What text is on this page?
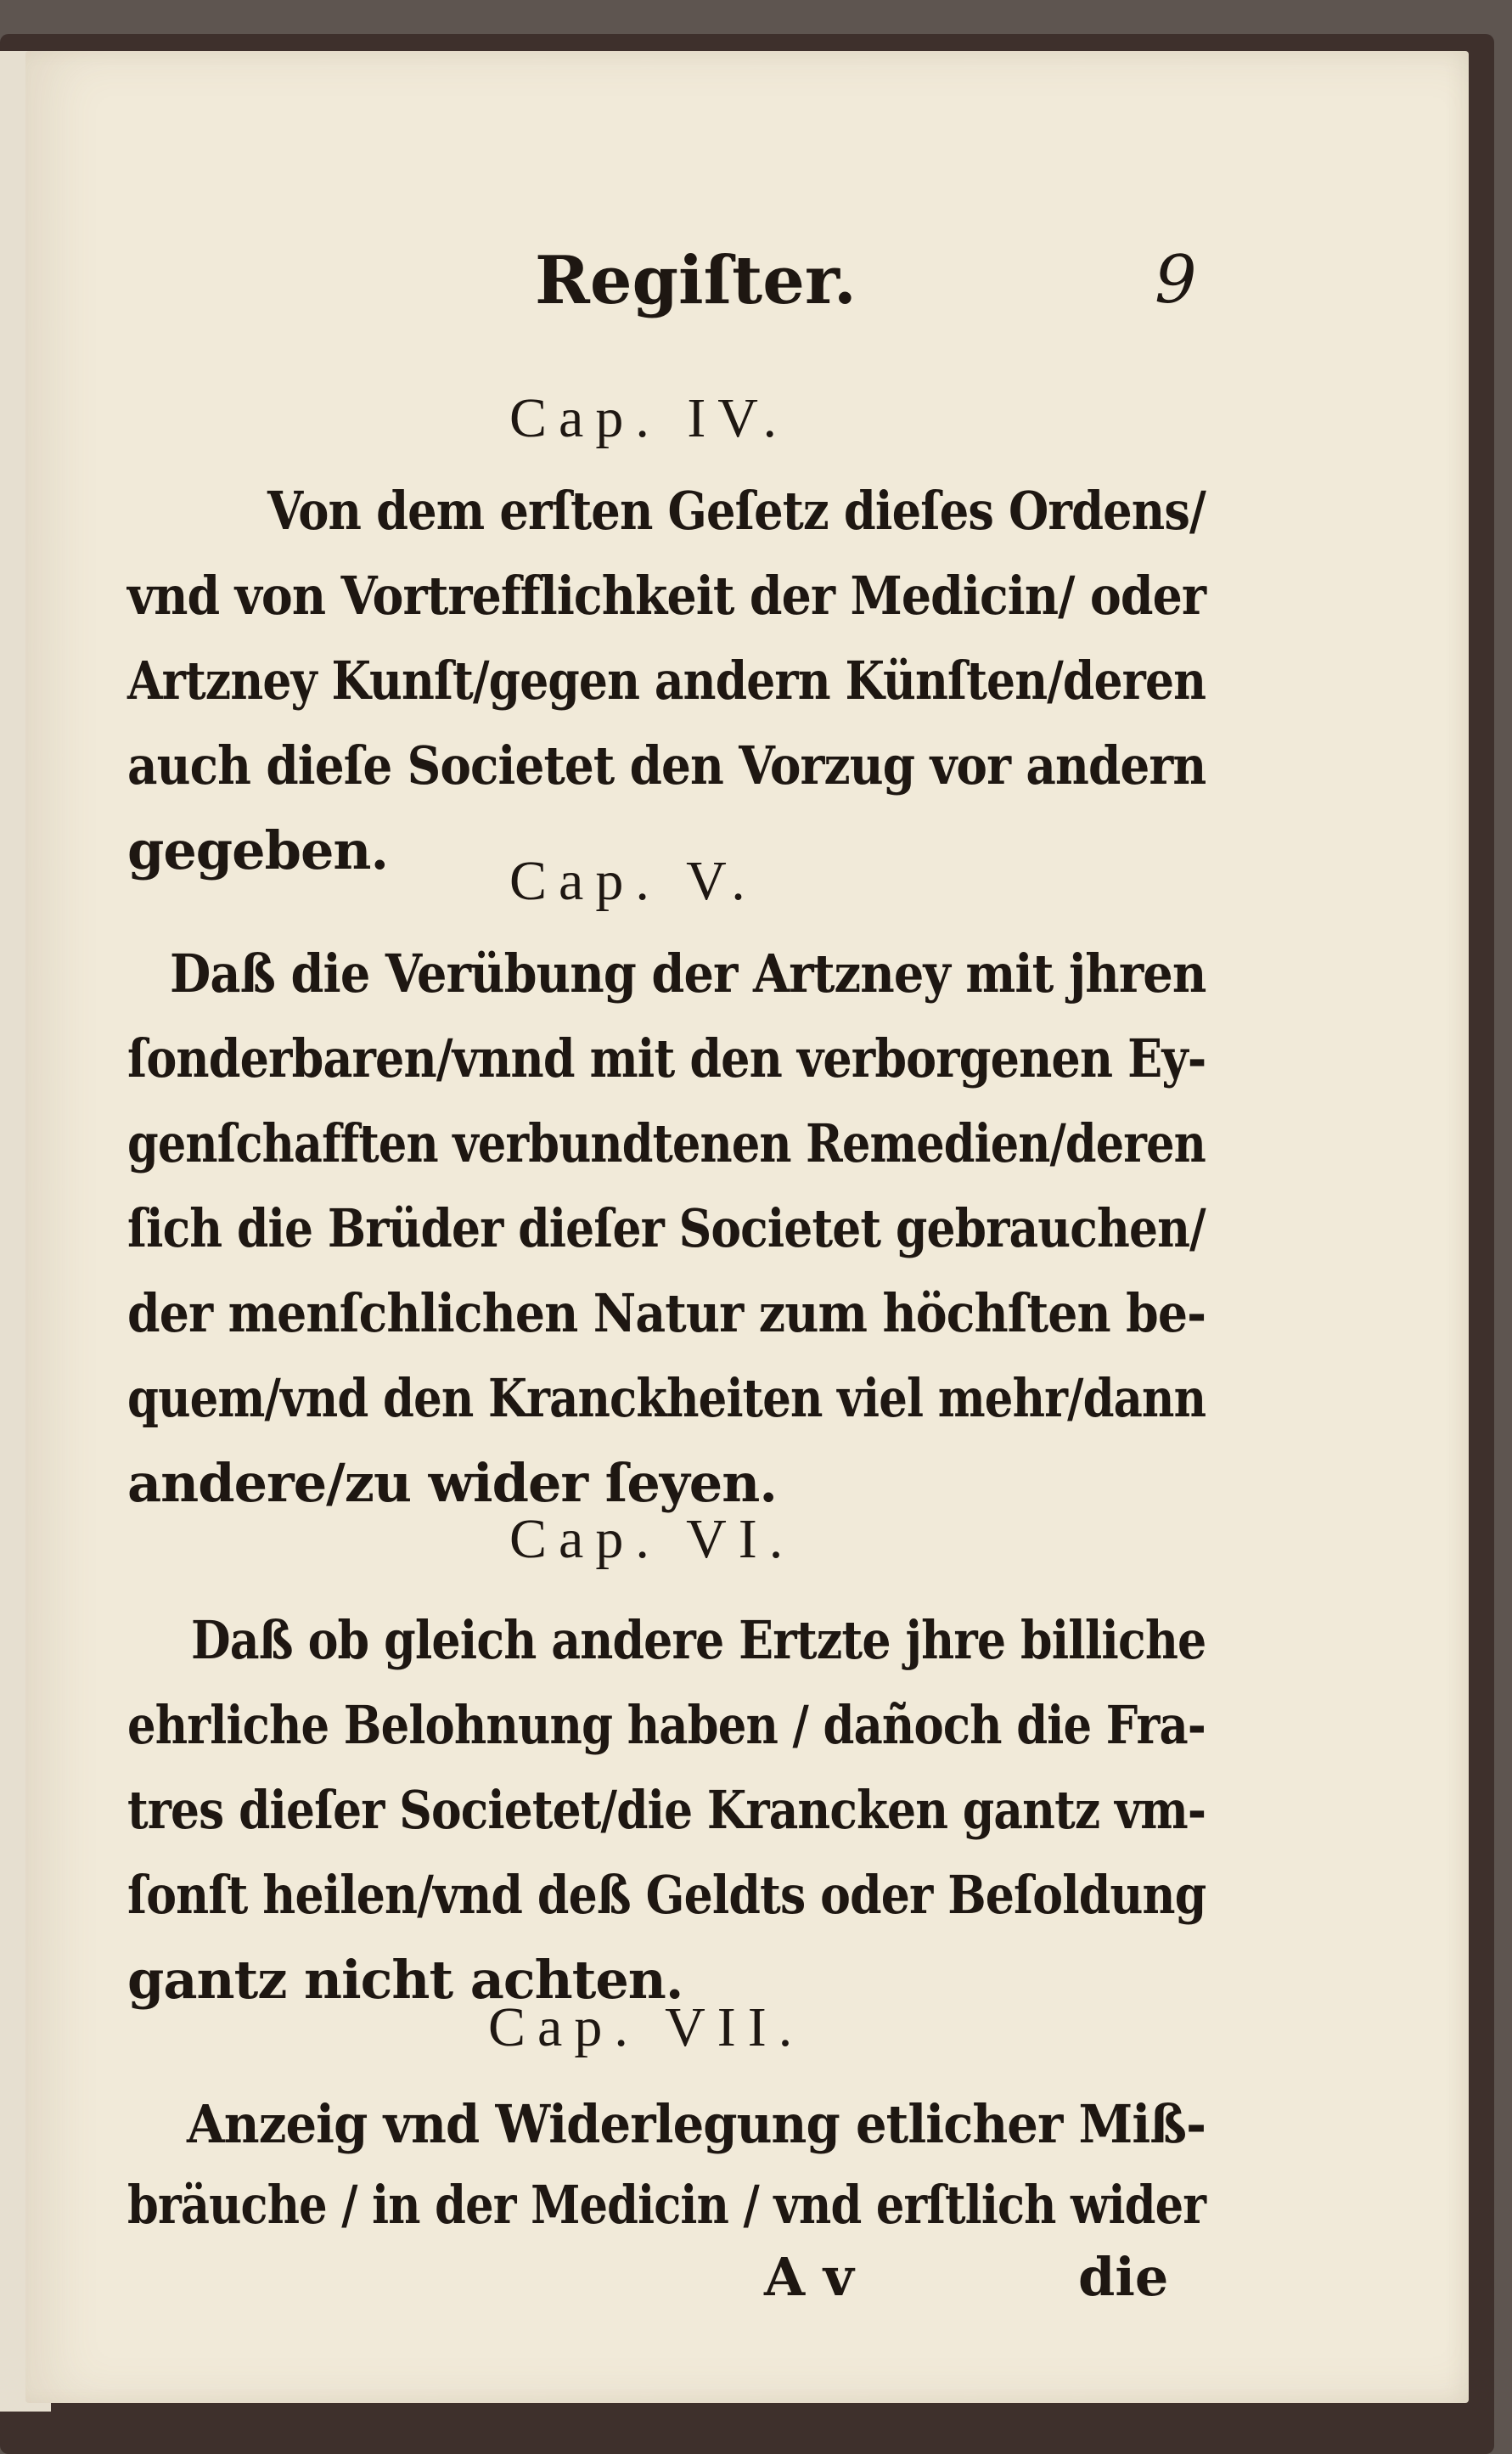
Regiſter.	9
Cap. IV.
Von dem erſten Geſetz dieſes Ordens/
vnd von Vortrefflichkeit der Medicin/ oder
Artzney Kunſt/gegen andern Künſten/deren
auch dieſe Societet den Vorzug vor andern
gegeben. Cap. V.
Daß die Verübung der Artzney mit jhren
ſonderbaren/vnnd mit den verborgenen Ey-
genſchafften verbundtenen Remedien/deren
ſich die Brüder dieſer Societet gebrauchen/
der menſchlichen Natur zum höchſten be-
quem/vnd den Kranckheiten viel mehr/dann
andere/zu wider ſeyen.
Cap. VI.
Daß ob gleich andere Ertzte jhre billiche
ehrliche Belohnung haben / dañoch die Fra-
tres dieſer Societet/die Krancken gantz vm-
ſonſt heilen/vnd deß Geldts oder Beſoldung
gantz nicht achten.
Cap. VII.
Anzeig vnd Widerlegung etlicher Miß-
bräuche / in der Medicin / vnd erſtlich wider
A v	die
